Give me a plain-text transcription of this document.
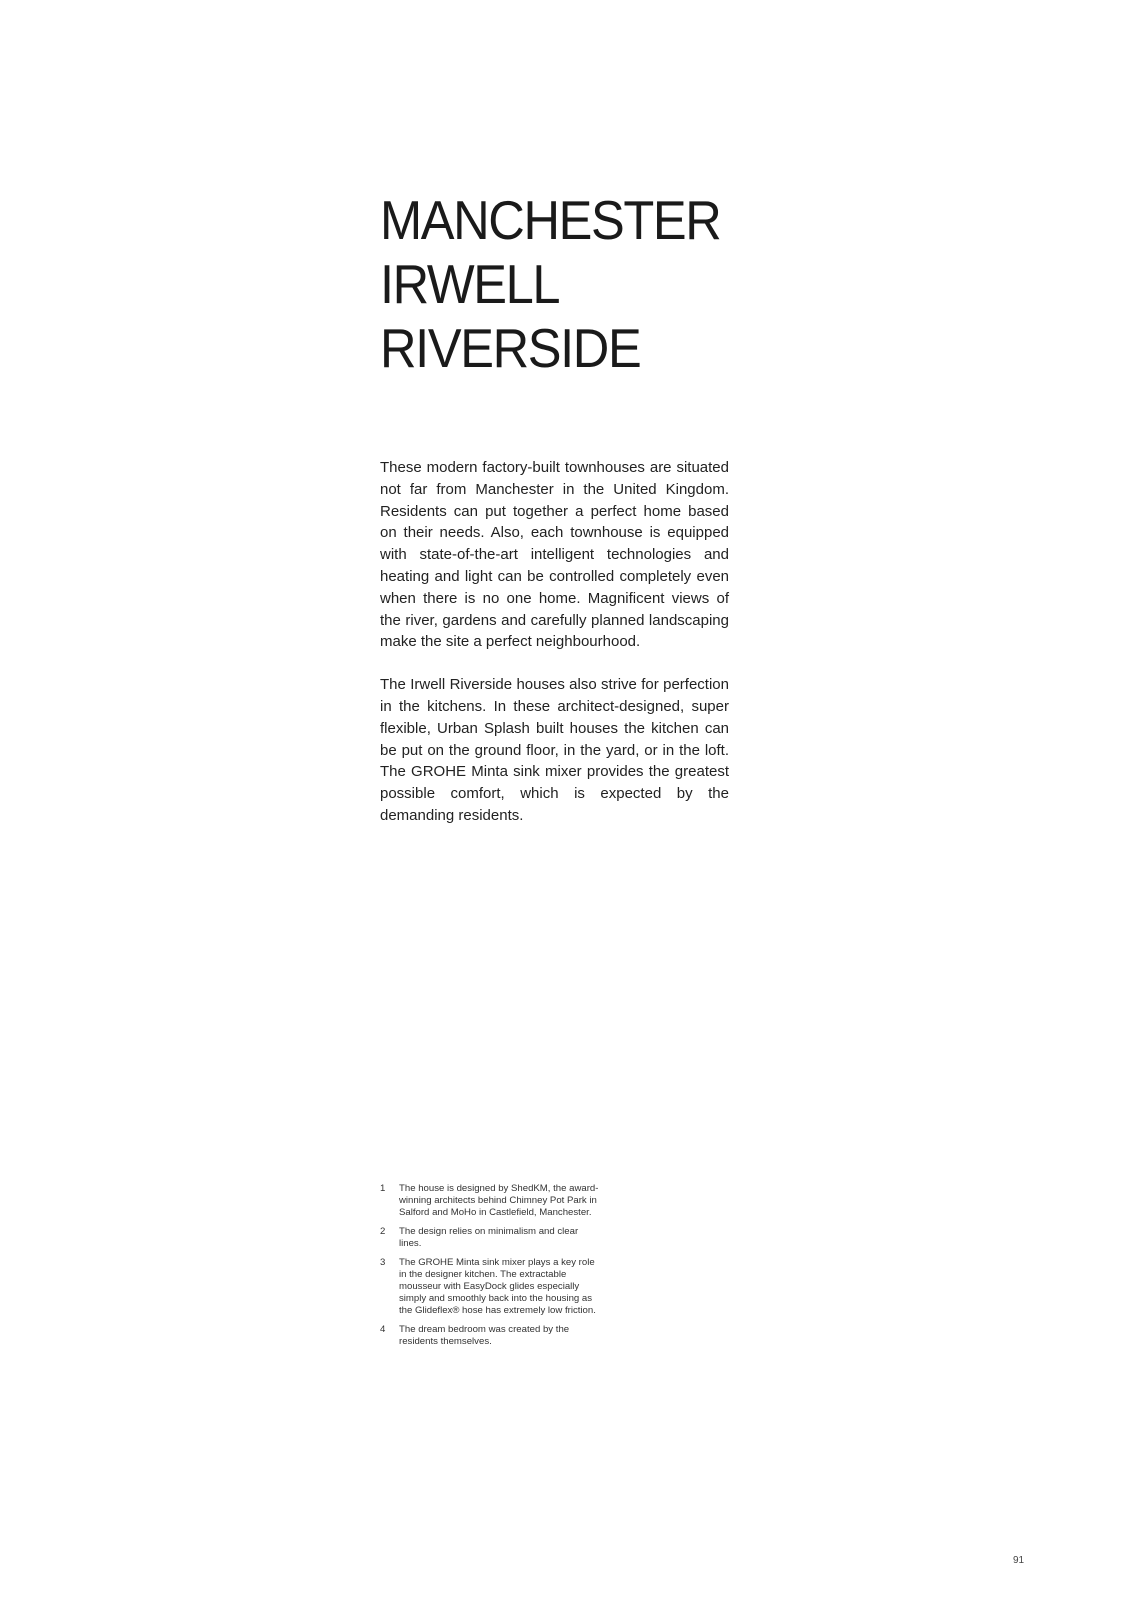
MANCHESTER
IRWELL
RIVERSIDE

These modern factory-built townhouses are situated not far from Manchester in the United Kingdom. Residents can put together a perfect home based on their needs. Also, each townhouse is equipped with state-of-the-art intelligent technologies and heating and light can be controlled completely even when there is no one home. Magnificent views of the river, gardens and carefully planned landscaping make the site a perfect neighbourhood.

The Irwell Riverside houses also strive for perfection in the kitchens. In these architect-designed, super flexible, Urban Splash built houses the kitchen can be put on the ground floor, in the yard, or in the loft. The GROHE Minta sink mixer provides the greatest possible comfort, which is expected by the demanding residents.

1	The house is designed by ShedKM, the award-winning architects behind Chimney Pot Park in Salford and MoHo in Castlefield, Manchester.
2	The design relies on minimalism and clear lines.
3	The GROHE Minta sink mixer plays a key role in the designer kitchen. The extractable mousseur with EasyDock glides especially simply and smoothly back into the housing as the Glideflex® hose has extremely low friction.
4	The dream bedroom was created by the residents themselves.
91
